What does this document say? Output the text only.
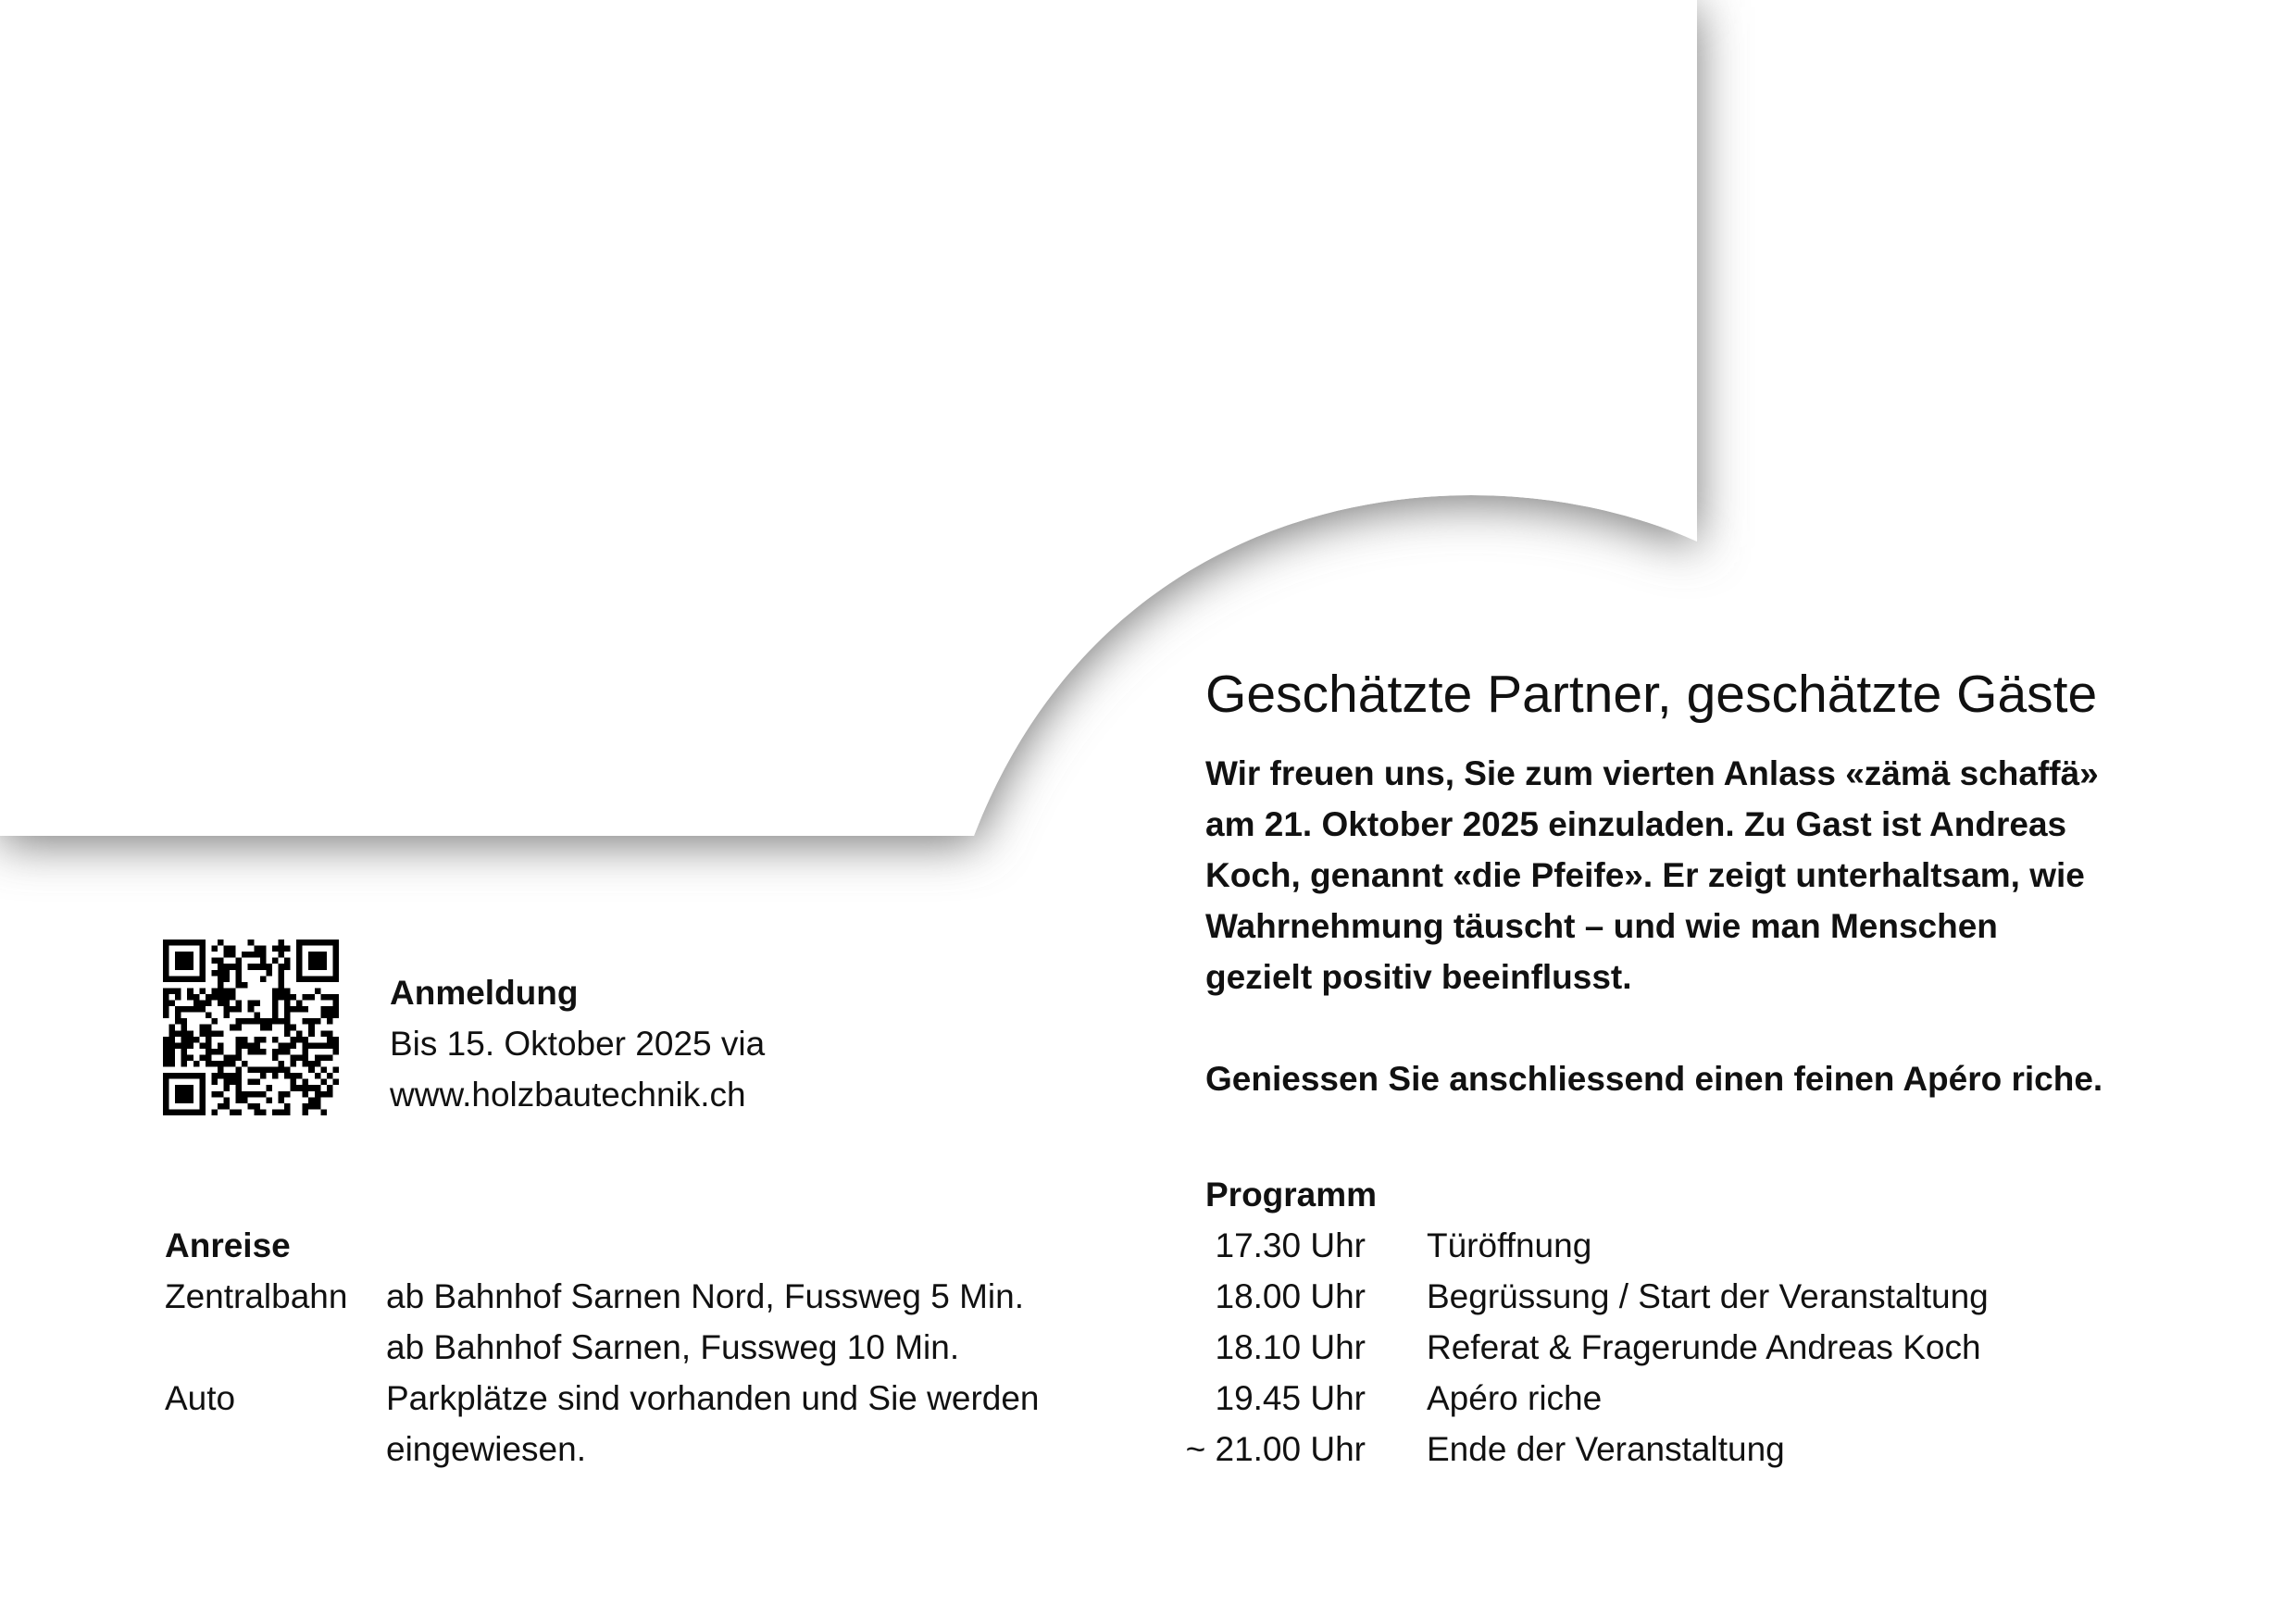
Anmeldung
Bis 15. Oktober 2025 via
www.holzbautechnik.ch
Anreise
Zentralbahn ab Bahnhof Sarnen Nord, Fussweg 5 Min.
ab Bahnhof Sarnen, Fussweg 10 Min.
Auto	Parkplätze sind vorhanden und Sie werden
eingewiesen.
Geschätzte Partner, geschätzte Gäste
Wir freuen uns, Sie zum vierten Anlass «zämä schaffä»
am 21. Oktober 2025 einzuladen. Zu Gast ist Andreas
Koch, genannt «die Pfeife». Er zeigt unterhaltsam, wie
Wahrnehmung täuscht – und wie man Menschen
gezielt positiv beeinflusst.
Geniessen Sie anschliessend einen feinen Apéro riche.
Programm
17.30 Uhr Türöffnung
18.00 Uhr Begrüssung / Start der Veranstaltung
18.10 Uhr Referat & Fragerunde Andreas Koch
19.45 Uhr Apéro riche
~ 21.00 Uhr Ende der Veranstaltung
